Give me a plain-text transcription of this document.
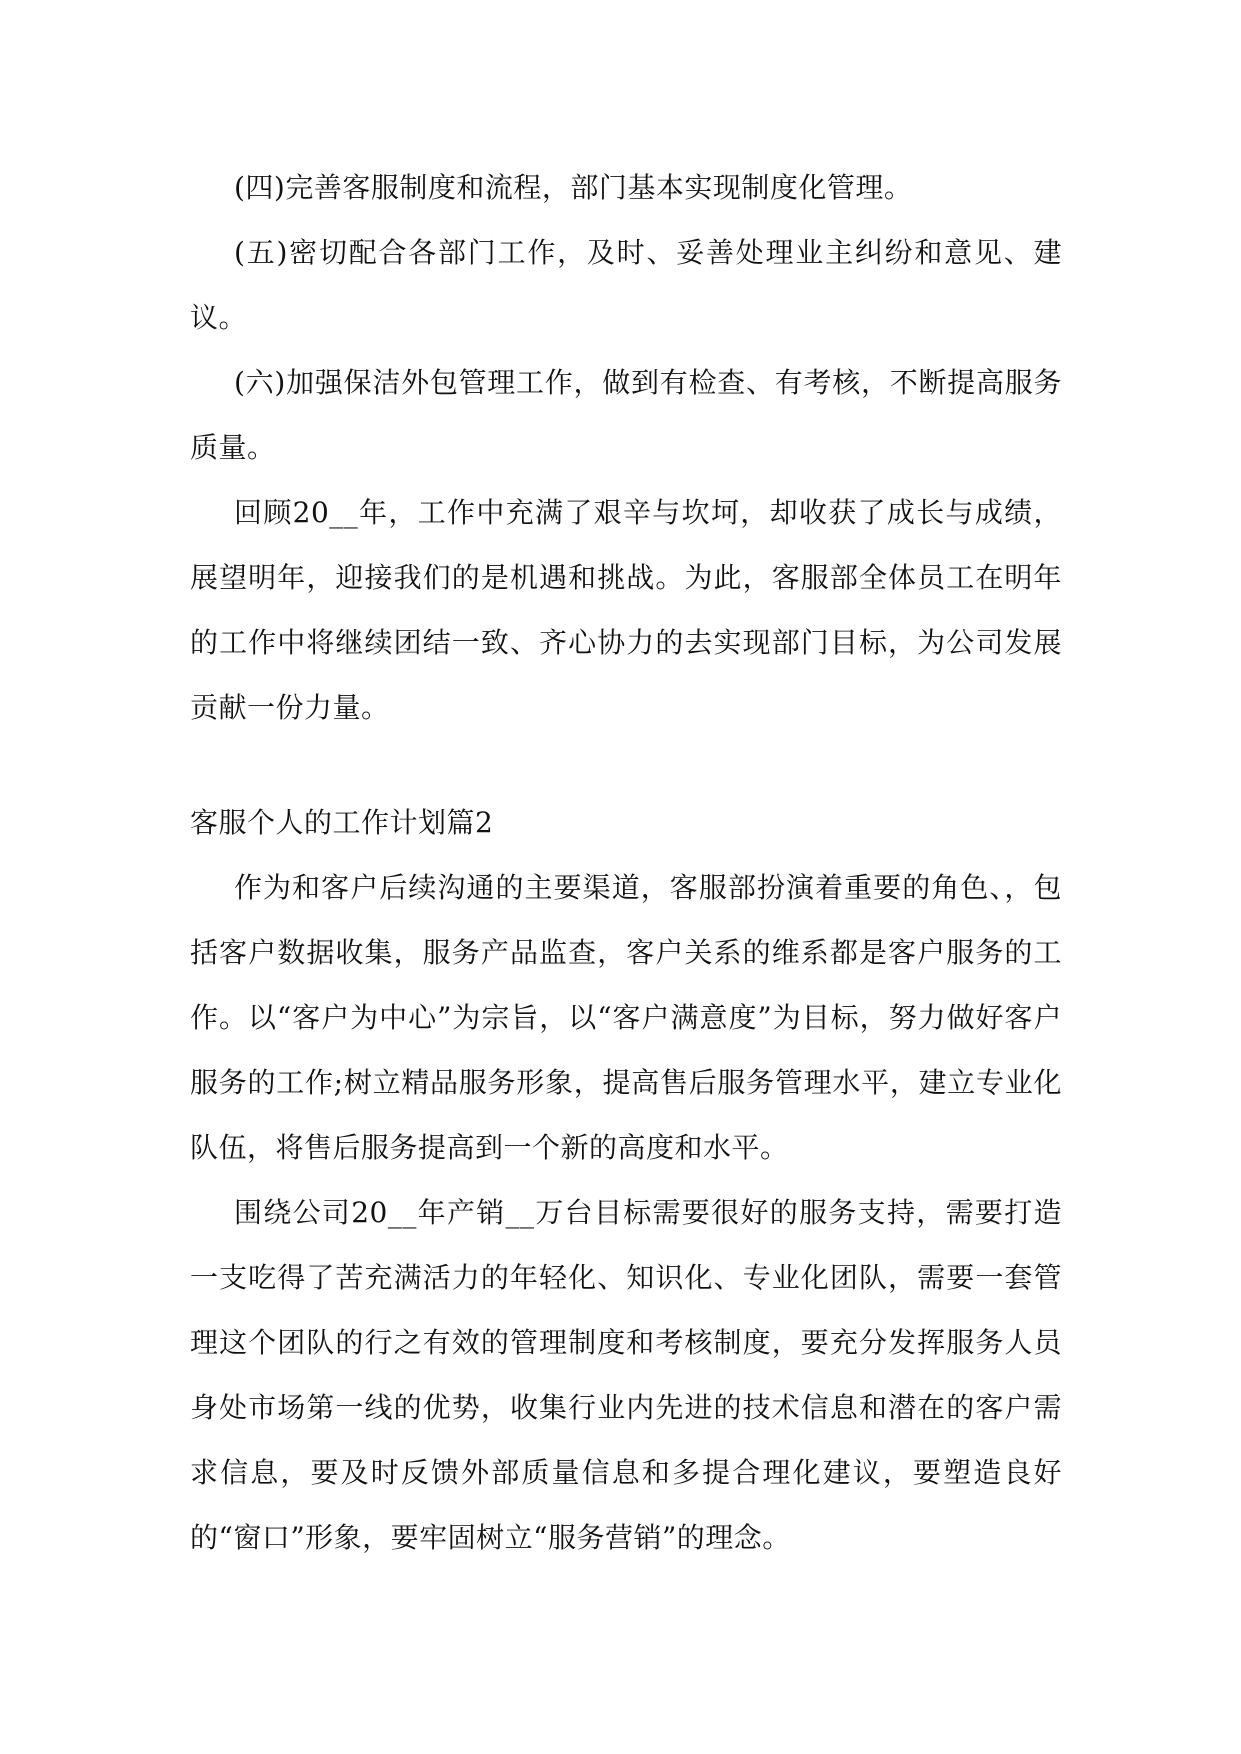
(四)完善客服制度和流程，部门基本实现制度化管理。

(五)密切配合各部门工作，及时、妥善处理业主纠纷和意见、建议。

(六)加强保洁外包管理工作，做到有检查、有考核，不断提高服务质量。

回顾20__年，工作中充满了艰辛与坎坷，却收获了成长与成绩，展望明年，迎接我们的是机遇和挑战。为此，客服部全体员工在明年的工作中将继续团结一致、齐心协力的去实现部门目标，为公司发展贡献一份力量。

客服个人的工作计划篇2

作为和客户后续沟通的主要渠道，客服部扮演着重要的角色、，包括客户数据收集，服务产品监查，客户关系的维系都是客户服务的工作。以“客户为中心”为宗旨，以“客户满意度”为目标，努力做好客户服务的工作;树立精品服务形象，提高售后服务管理水平，建立专业化队伍，将售后服务提高到一个新的高度和水平。

围绕公司20__年产销__万台目标需要很好的服务支持，需要打造一支吃得了苦充满活力的年轻化、知识化、专业化团队，需要一套管理这个团队的行之有效的管理制度和考核制度，要充分发挥服务人员身处市场第一线的优势，收集行业内先进的技术信息和潜在的客户需求信息，要及时反馈外部质量信息和多提合理化建议，要塑造良好的“窗口”形象，要牢固树立“服务营销”的理念。
